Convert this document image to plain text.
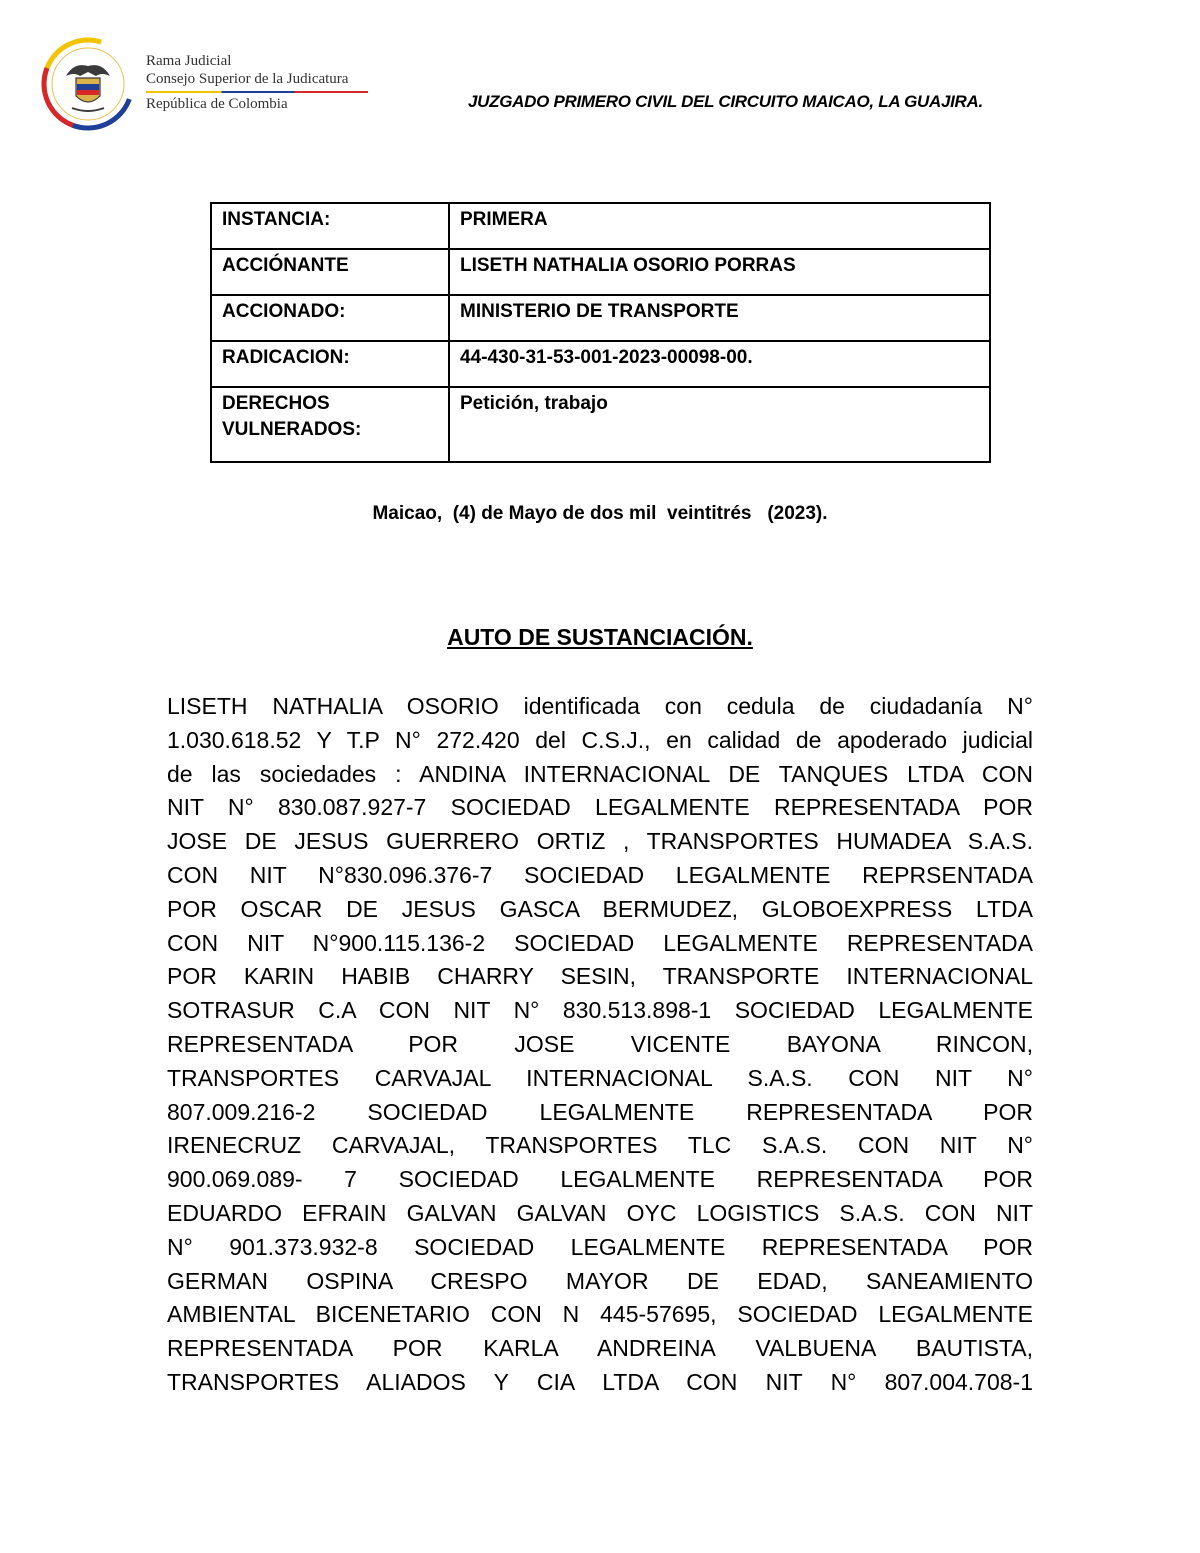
Rama Judicial
Consejo Superior de la Judicatura
República de Colombia	JUZGADO PRIMERO CIVIL DEL CIRCUITO MAICAO, LA GUAJIRA.
INSTANCIA:	PRIMERA
ACCIÓNANTE	LISETH NATHALIA OSORIO PORRAS
ACCIONADO:	MINISTERIO DE TRANSPORTE
RADICACION:	44-430-31-53-001-2023-00098-00.
DERECHOS
VULNERADOS:	Petición, trabajo
Maicao,  (4) de Mayo de dos mil  veintitrés   (2023).
AUTO DE SUSTANCIACIÓN.
LISETH NATHALIA OSORIO identificada con cedula de ciudadanía N°
1.030.618.52 Y T.P N° 272.420 del C.S.J., en calidad de apoderado judicial
de las sociedades : ANDINA INTERNACIONAL DE TANQUES LTDA CON
NIT N° 830.087.927-7 SOCIEDAD LEGALMENTE REPRESENTADA POR
JOSE DE JESUS GUERRERO ORTIZ , TRANSPORTES HUMADEA S.A.S.
CON NIT N°830.096.376-7 SOCIEDAD LEGALMENTE REPRSENTADA
POR OSCAR DE JESUS GASCA BERMUDEZ, GLOBOEXPRESS LTDA
CON NIT N°900.115.136-2 SOCIEDAD LEGALMENTE REPRESENTADA
POR KARIN HABIB CHARRY SESIN, TRANSPORTE INTERNACIONAL
SOTRASUR C.A CON NIT N° 830.513.898-1 SOCIEDAD LEGALMENTE
REPRESENTADA POR JOSE VICENTE BAYONA RINCON,
TRANSPORTES CARVAJAL INTERNACIONAL S.A.S. CON NIT N°
807.009.216-2 SOCIEDAD LEGALMENTE REPRESENTADA POR
IRENECRUZ CARVAJAL, TRANSPORTES TLC S.A.S. CON NIT N°
900.069.089- 7 SOCIEDAD LEGALMENTE REPRESENTADA POR
EDUARDO EFRAIN GALVAN GALVAN OYC LOGISTICS S.A.S. CON NIT
N° 901.373.932-8 SOCIEDAD LEGALMENTE REPRESENTADA POR
GERMAN OSPINA CRESPO MAYOR DE EDAD, SANEAMIENTO
AMBIENTAL BICENETARIO CON N 445-57695, SOCIEDAD LEGALMENTE
REPRESENTADA POR KARLA ANDREINA VALBUENA BAUTISTA,
TRANSPORTES ALIADOS Y CIA LTDA CON NIT N° 807.004.708-1
